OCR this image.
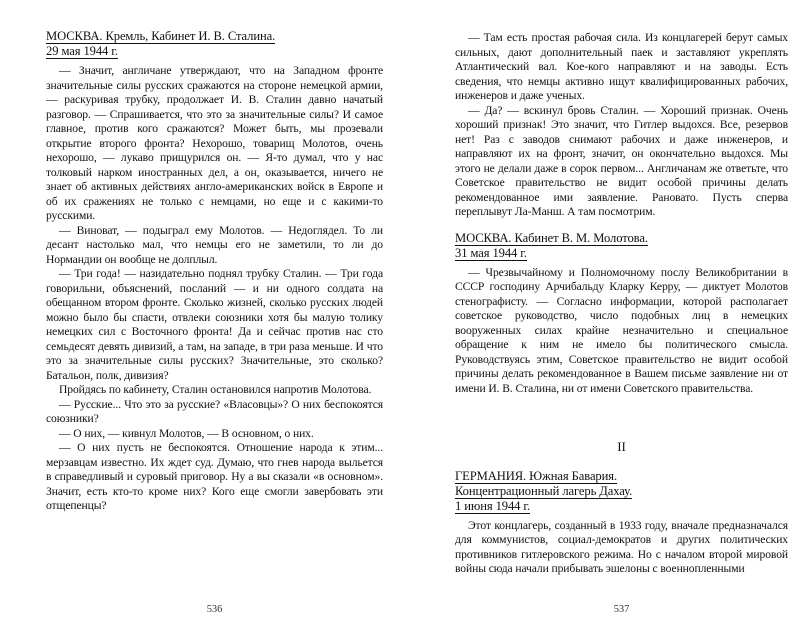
МОСКВА. Кремль, Кабинет И. В. Сталина.
29 мая 1944 г.

— Значит, англичане утверждают, что на Западном фронте значительные силы русских сражаются на стороне немецкой армии, — раскуривая трубку, продолжает И. В. Сталин давно начатый разговор. — Спрашивается, что это за значительные силы? И самое главное, против кого сражаются? Может быть, мы прозевали открытие второго фронта? Нехорошо, товарищ Молотов, очень нехорошо, — лукаво прищурился он. — Я-то думал, что у нас толковый нарком иностранных дел, а он, оказывается, ничего не знает об активных действиях англо-американских войск в Европе и об их сражениях не только с немцами, но еще и с какими-то русскими.

— Виноват, — подыграл ему Молотов. — Недоглядел. То ли десант настолько мал, что немцы его не заметили, то ли до Нормандии он вообще не долплыл.

— Три года! — назидательно поднял трубку Сталин. — Три года говорильни, объяснений, посланий — и ни одного солдата на обещанном втором фронте. Сколько жизней, сколько русских людей можно было бы спасти, отвлеки союзники хотя бы малую толику немецких сил с Восточного фронта! Да и сейчас против нас сто семьдесят девять дивизий, а там, на западе, в три раза меньше. И что это за значительные силы русских? Значительные, это сколько? Батальон, полк, дивизия?

Пройдясь по кабинету, Сталин остановился напротив Молотова.

— Русские... Что это за русские? «Власовцы»? О них беспокоятся союзники?

— О них, — кивнул Молотов, — В основном, о них.

— О них пусть не беспокоятся. Отношение народа к этим... мерзавцам известно. Их ждет суд. Думаю, что гнев народа выльется в справедливый и суровый приговор. Ну а вы сказали «в основном». Значит, есть кто-то кроме них? Кого еще смогли завербовать эти отщепенцы?

536

— Там есть простая рабочая сила. Из концлагерей берут самых сильных, дают дополнительный паек и заставляют укреплять Атлантический вал. Кое-кого направляют и на заводы. Есть сведения, что немцы активно ищут квалифицированных рабочих, инженеров и даже ученых.

— Да? — вскинул бровь Сталин. — Хороший признак. Очень хороший признак! Это значит, что Гитлер выдохся. Все, резервов нет! Раз с заводов снимают рабочих и даже инженеров, и направляют их на фронт, значит, он окончательно выдохся. Мы этого не делали даже в сорок первом... Англичанам же ответьте, что Советское правительство не видит особой причины делать рекомендованное ими заявление. Рановато. Пусть сперва переплывут Ла-Манш. А там посмотрим.

МОСКВА. Кабинет В. М. Молотова.
31 мая 1944 г.

— Чрезвычайному и Полномочному послу Великобритании в СССР господину Арчибальду Кларку Керру, — диктует Молотов стенографисту. — Согласно информации, которой располагает советское руководство, число подобных лиц в немецких вооруженных силах крайне незначительно и специальное обращение к ним не имело бы политического смысла. Руководствуясь этим, Советское правительство не видит особой причины делать рекомендованное в Вашем письме заявление ни от имени И. В. Сталина, ни от имени Советского правительства.

II
ГЕРМАНИЯ. Южная Бавария.
Концентрационный лагерь Дахау.
1 июня 1944 г.

Этот концлагерь, созданный в 1933 году, вначале предназначался для коммунистов, социал-демократов и других политических противников гитлеровского режима. Но с началом второй мировой войны сюда начали прибывать эшелоны с военнопленными

537
